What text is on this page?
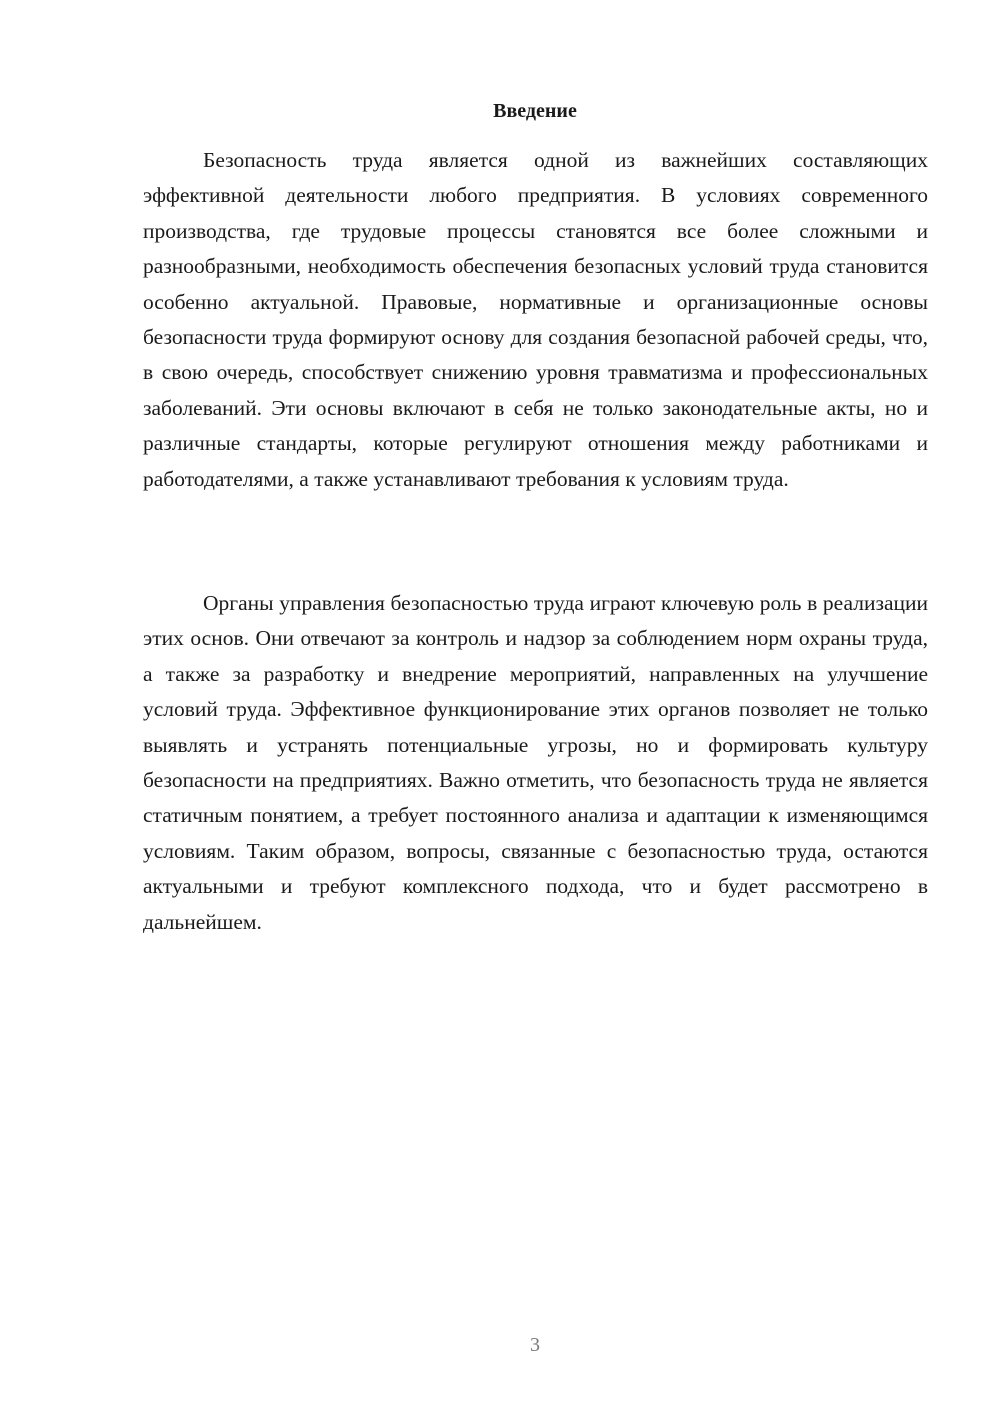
Введение

Безопасность труда является одной из важнейших составляющих эффективной деятельности любого предприятия. В условиях современного производства, где трудовые процессы становятся все более сложными и разнообразными, необходимость обеспечения безопасных условий труда становится особенно актуальной. Правовые, нормативные и организационные основы безопасности труда формируют основу для создания безопасной рабочей среды, что, в свою очередь, способствует снижению уровня травматизма и профессиональных заболеваний. Эти основы включают в себя не только законодательные акты, но и различные стандарты, которые регулируют отношения между работниками и работодателями, а также устанавливают требования к условиям труда.

Органы управления безопасностью труда играют ключевую роль в реализации этих основ. Они отвечают за контроль и надзор за соблюдением норм охраны труда, а также за разработку и внедрение мероприятий, направленных на улучшение условий труда. Эффективное функционирование этих органов позволяет не только выявлять и устранять потенциальные угрозы, но и формировать культуру безопасности на предприятиях. Важно отметить, что безопасность труда не является статичным понятием, а требует постоянного анализа и адаптации к изменяющимся условиям. Таким образом, вопросы, связанные с безопасностью труда, остаются актуальными и требуют комплексного подхода, что и будет рассмотрено в дальнейшем.

3
